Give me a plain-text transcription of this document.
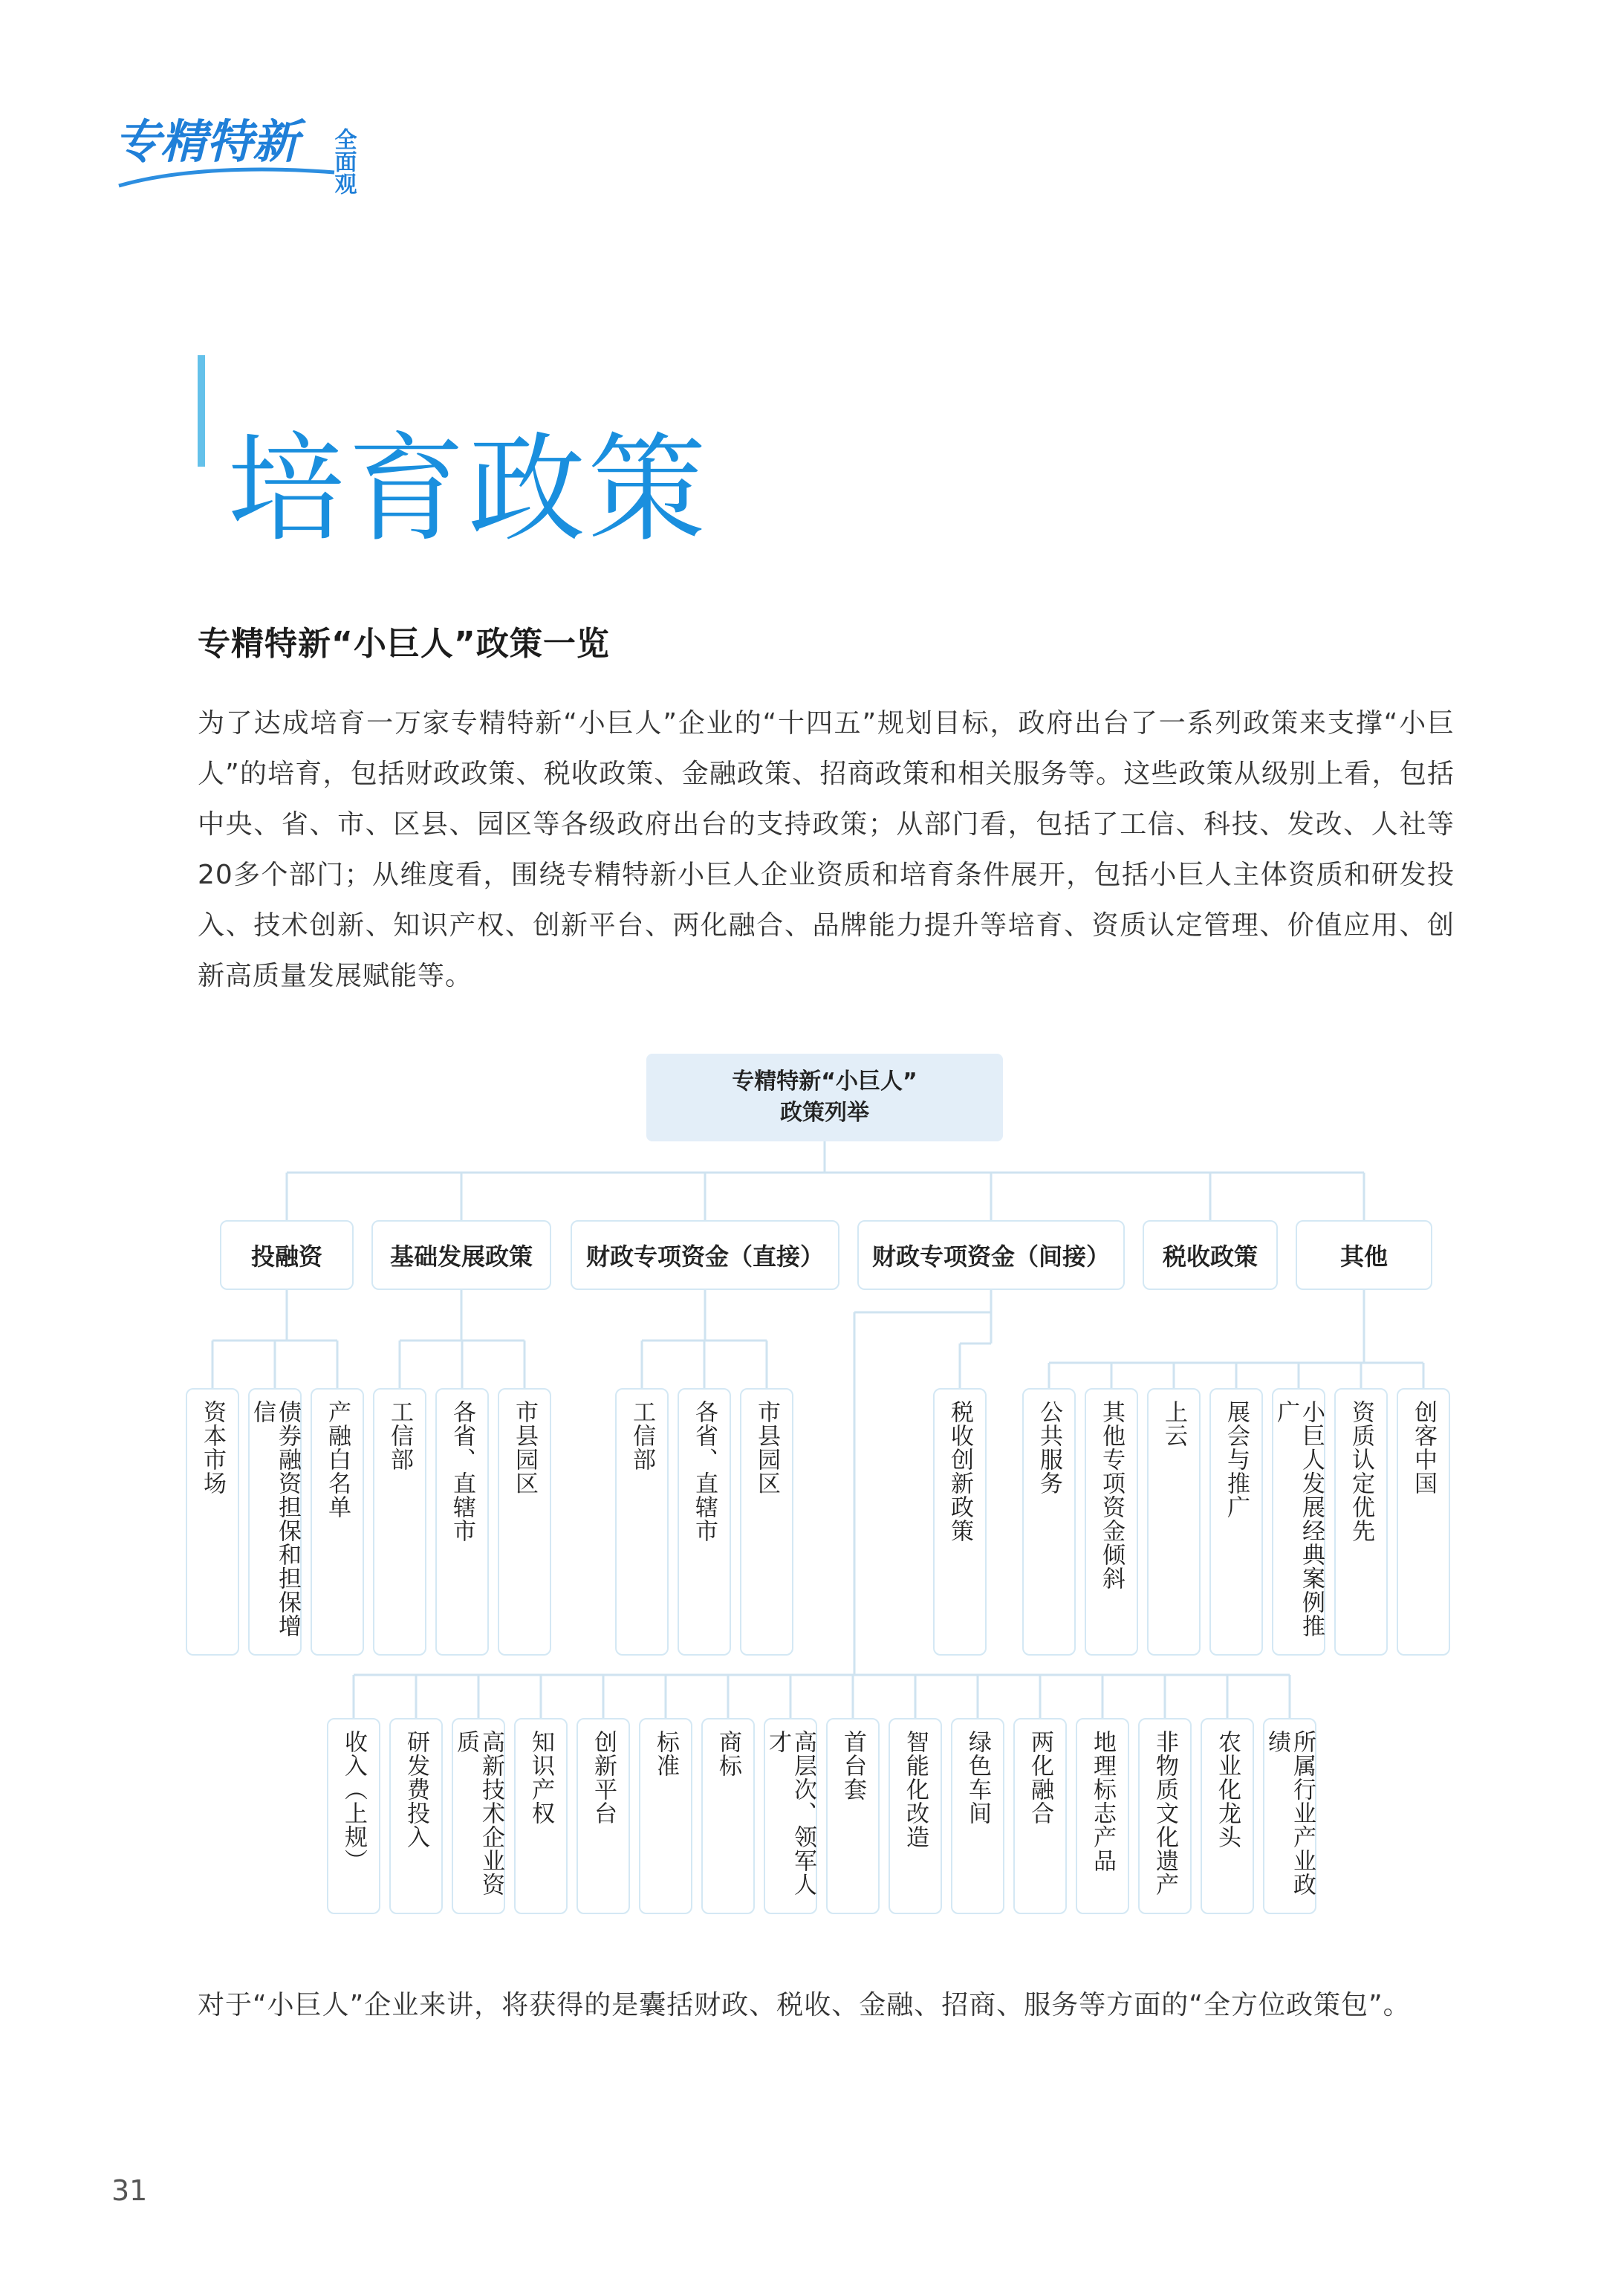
专精特新	全面观
培育政策
专精特新“小巨人”政策一览

为了达成培育一万家专精特新“小巨人”企业的“十四五”规划目标，政府出台了一系列政策来支撑“小巨人”的培育，包括财政政策、税收政策、金融政策、招商政策和相关服务等。这些政策从级别上看，包括中央、省、市、区县、园区等各级政府出台的支持政策；从部门看，包括了工信、科技、发改、人社等20多个部门；从维度看，围绕专精特新小巨人企业资质和培育条件展开，包括小巨人主体资质和研发投入、技术创新、知识产权、创新平台、两化融合、品牌能力提升等培育、资质认定管理、价值应用、创新高质量发展赋能等。

专精特新“小巨人”
政策列举
投融资	基础发展政策	财政专项资金（直接）	财政专项资金（间接）	税收政策	其他
资本市场	债券融资担保和担保增信	产融白名单 工信部 各省、直辖市 市县园区	工信部 各省、直辖市 市县园区	税收创新政策	公共服务 其他专项资金倾斜 上云 展会与推广	小巨人发展经典案例推广	资质认定优先 创客中国
收入（上规） 研发费投入	高新技术企业资质	知识产权 创新平台 标准 商标	高层次、领军人才	首台套 智能化改造 绿色车间 两化融合 地理标志产品 非物质文化遗产 农业化龙头	所属行业产业政绩

对于“小巨人”企业来讲，将获得的是囊括财政、税收、金融、招商、服务等方面的“全方位政策包”。

31
